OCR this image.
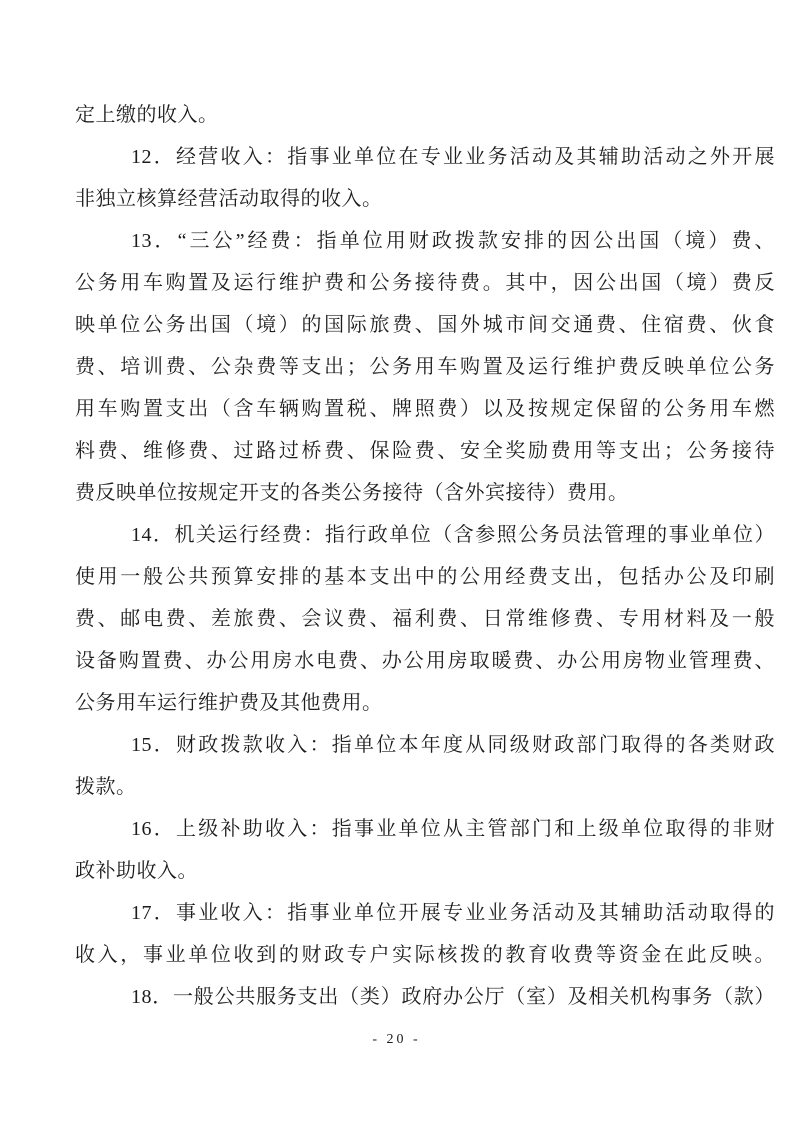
定上缴的收入。
12．经营收入：指事业单位在专业业务活动及其辅助活动之外开展
非独立核算经营活动取得的收入。
13．“三公”经费：指单位用财政拨款安排的因公出国（境）费、
公务用车购置及运行维护费和公务接待费。其中，因公出国（境）费反
映单位公务出国（境）的国际旅费、国外城市间交通费、住宿费、伙食
费、培训费、公杂费等支出；公务用车购置及运行维护费反映单位公务
用车购置支出（含车辆购置税、牌照费）以及按规定保留的公务用车燃
料费、维修费、过路过桥费、保险费、安全奖励费用等支出；公务接待
费反映单位按规定开支的各类公务接待（含外宾接待）费用。
14．机关运行经费：指行政单位（含参照公务员法管理的事业单位）
使用一般公共预算安排的基本支出中的公用经费支出，包括办公及印刷
费、邮电费、差旅费、会议费、福利费、日常维修费、专用材料及一般
设备购置费、办公用房水电费、办公用房取暖费、办公用房物业管理费、
公务用车运行维护费及其他费用。
15．财政拨款收入：指单位本年度从同级财政部门取得的各类财政
拨款。
16．上级补助收入：指事业单位从主管部门和上级单位取得的非财
政补助收入。
17．事业收入：指事业单位开展专业业务活动及其辅助活动取得的
收入，事业单位收到的财政专户实际核拨的教育收费等资金在此反映。
18．一般公共服务支出（类）政府办公厅（室）及相关机构事务（款）
- 20 -
